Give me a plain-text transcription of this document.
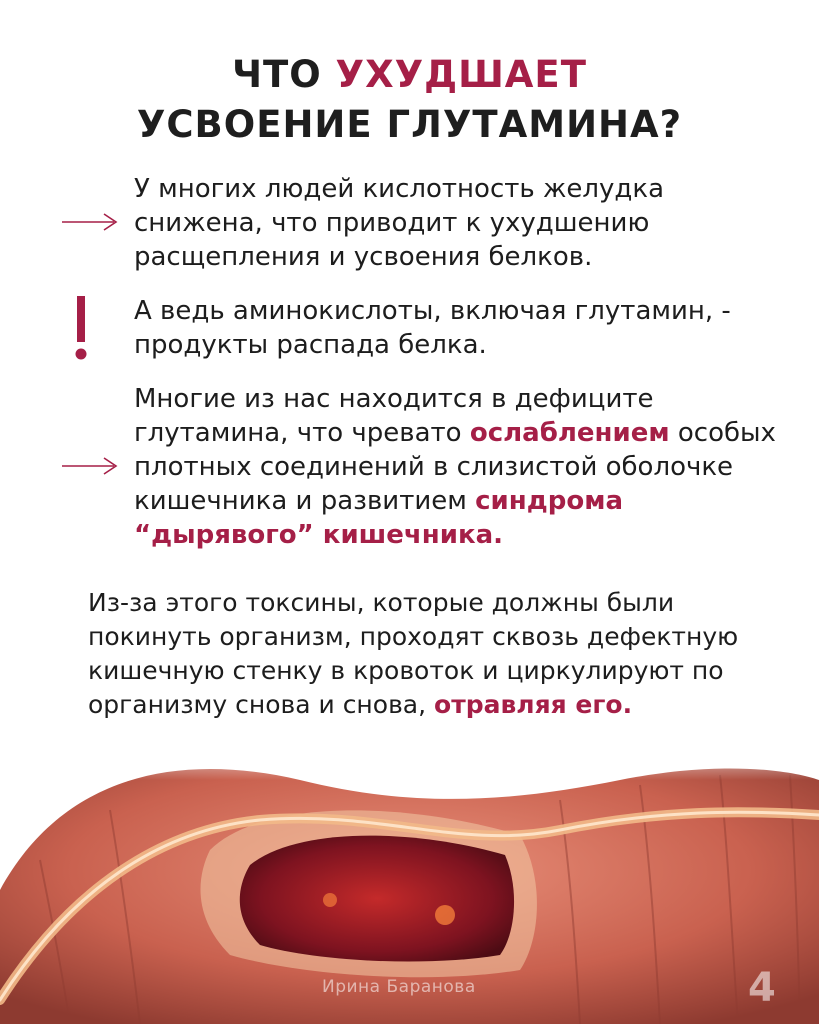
ЧТО УХУДШАЕТ
УСВОЕНИЕ ГЛУТАМИНА?
У многих людей кислотность желудка снижена, что приводит к ухудшению расщепления и усвоения белков.
А ведь аминокислоты, включая глутамин, - продукты распада белка.
Многие из нас находится в дефиците глутамина, что чревато ослаблением особых плотных соединений в слизистой оболочке кишечника и развитием синдрома “дырявого” кишечника.
Из-за этого токсины, которые должны были покинуть организм, проходят сквозь дефектную кишечную стенку в кровоток и циркулируют по организму снова и снова, отравляя его.
Ирина Баранова	4
